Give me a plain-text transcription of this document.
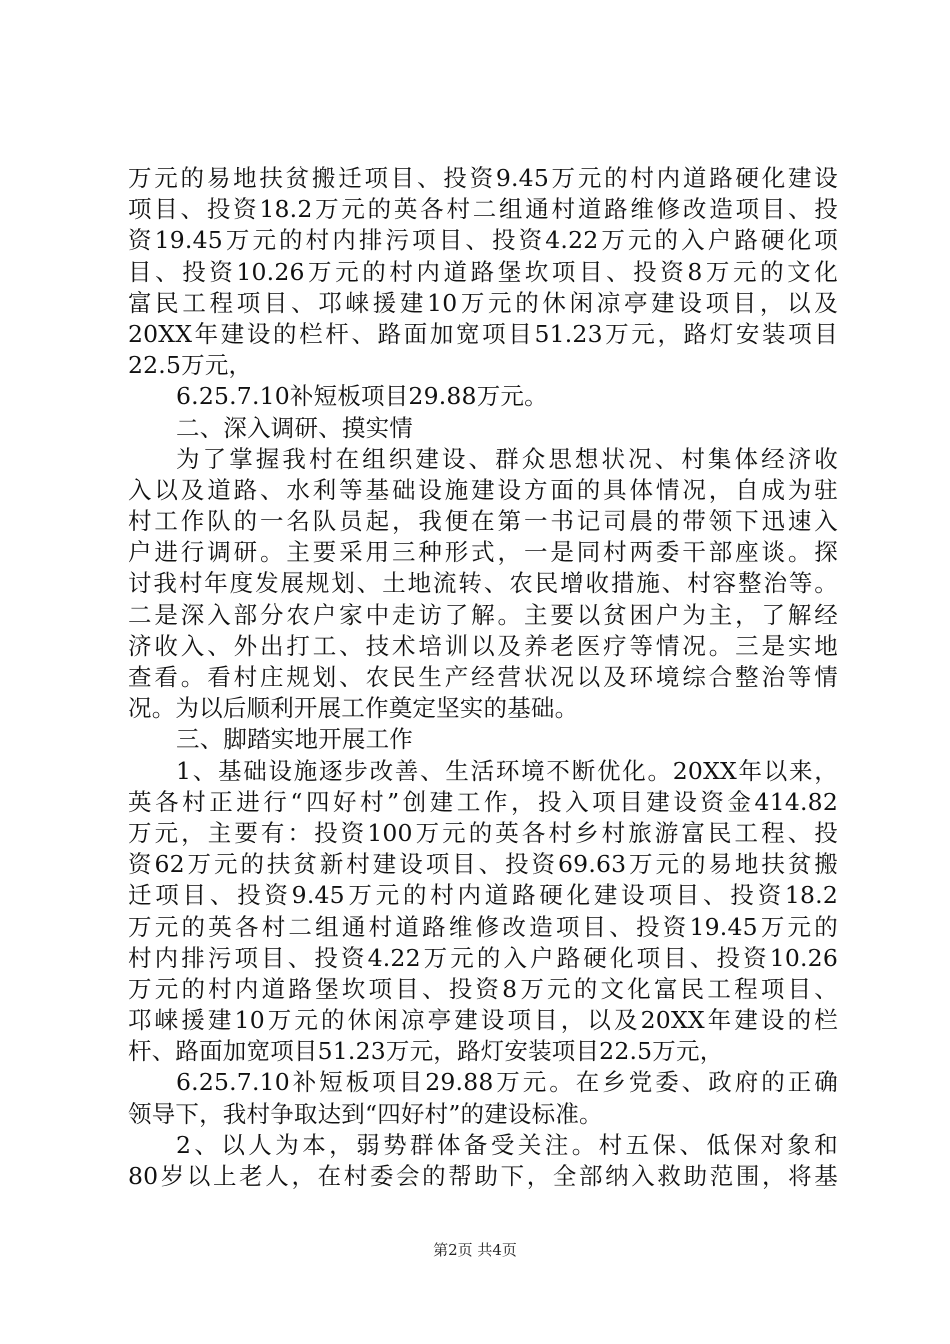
万元的易地扶贫搬迁项目、投资9.45万元的村内道路硬化建设
项目、投资18.2万元的英各村二组通村道路维修改造项目、投
资19.45万元的村内排污项目、投资4.22万元的入户路硬化项
目、投资10.26万元的村内道路堡坎项目、投资8万元的文化
富民工程项目、邛崃援建10万元的休闲凉亭建设项目，以及
20XX年建设的栏杆、路面加宽项目51.23万元，路灯安装项目
22.5万元，
6.25.7.10补短板项目29.88万元。
二、深入调研、摸实情
为了掌握我村在组织建设、群众思想状况、村集体经济收
入以及道路、水利等基础设施建设方面的具体情况，自成为驻
村工作队的一名队员起，我便在第一书记司晨的带领下迅速入
户进行调研。主要采用三种形式，一是同村两委干部座谈。探
讨我村年度发展规划、土地流转、农民增收措施、村容整治等。
二是深入部分农户家中走访了解。主要以贫困户为主，了解经
济收入、外出打工、技术培训以及养老医疗等情况。三是实地
查看。看村庄规划、农民生产经营状况以及环境综合整治等情
况。为以后顺利开展工作奠定坚实的基础。
三、脚踏实地开展工作
1、基础设施逐步改善、生活环境不断优化。20XX年以来，
英各村正进行“四好村”创建工作，投入项目建设资金414.82
万元，主要有：投资100万元的英各村乡村旅游富民工程、投
资62万元的扶贫新村建设项目、投资69.63万元的易地扶贫搬
迁项目、投资9.45万元的村内道路硬化建设项目、投资18.2
万元的英各村二组通村道路维修改造项目、投资19.45万元的
村内排污项目、投资4.22万元的入户路硬化项目、投资10.26
万元的村内道路堡坎项目、投资8万元的文化富民工程项目、
邛崃援建10万元的休闲凉亭建设项目，以及20XX年建设的栏
杆、路面加宽项目51.23万元，路灯安装项目22.5万元，
6.25.7.10补短板项目29.88万元。在乡党委、政府的正确
领导下，我村争取达到“四好村”的建设标准。
2、以人为本，弱势群体备受关注。村五保、低保对象和
80岁以上老人，在村委会的帮助下，全部纳入救助范围，将基
第2页 共4页
